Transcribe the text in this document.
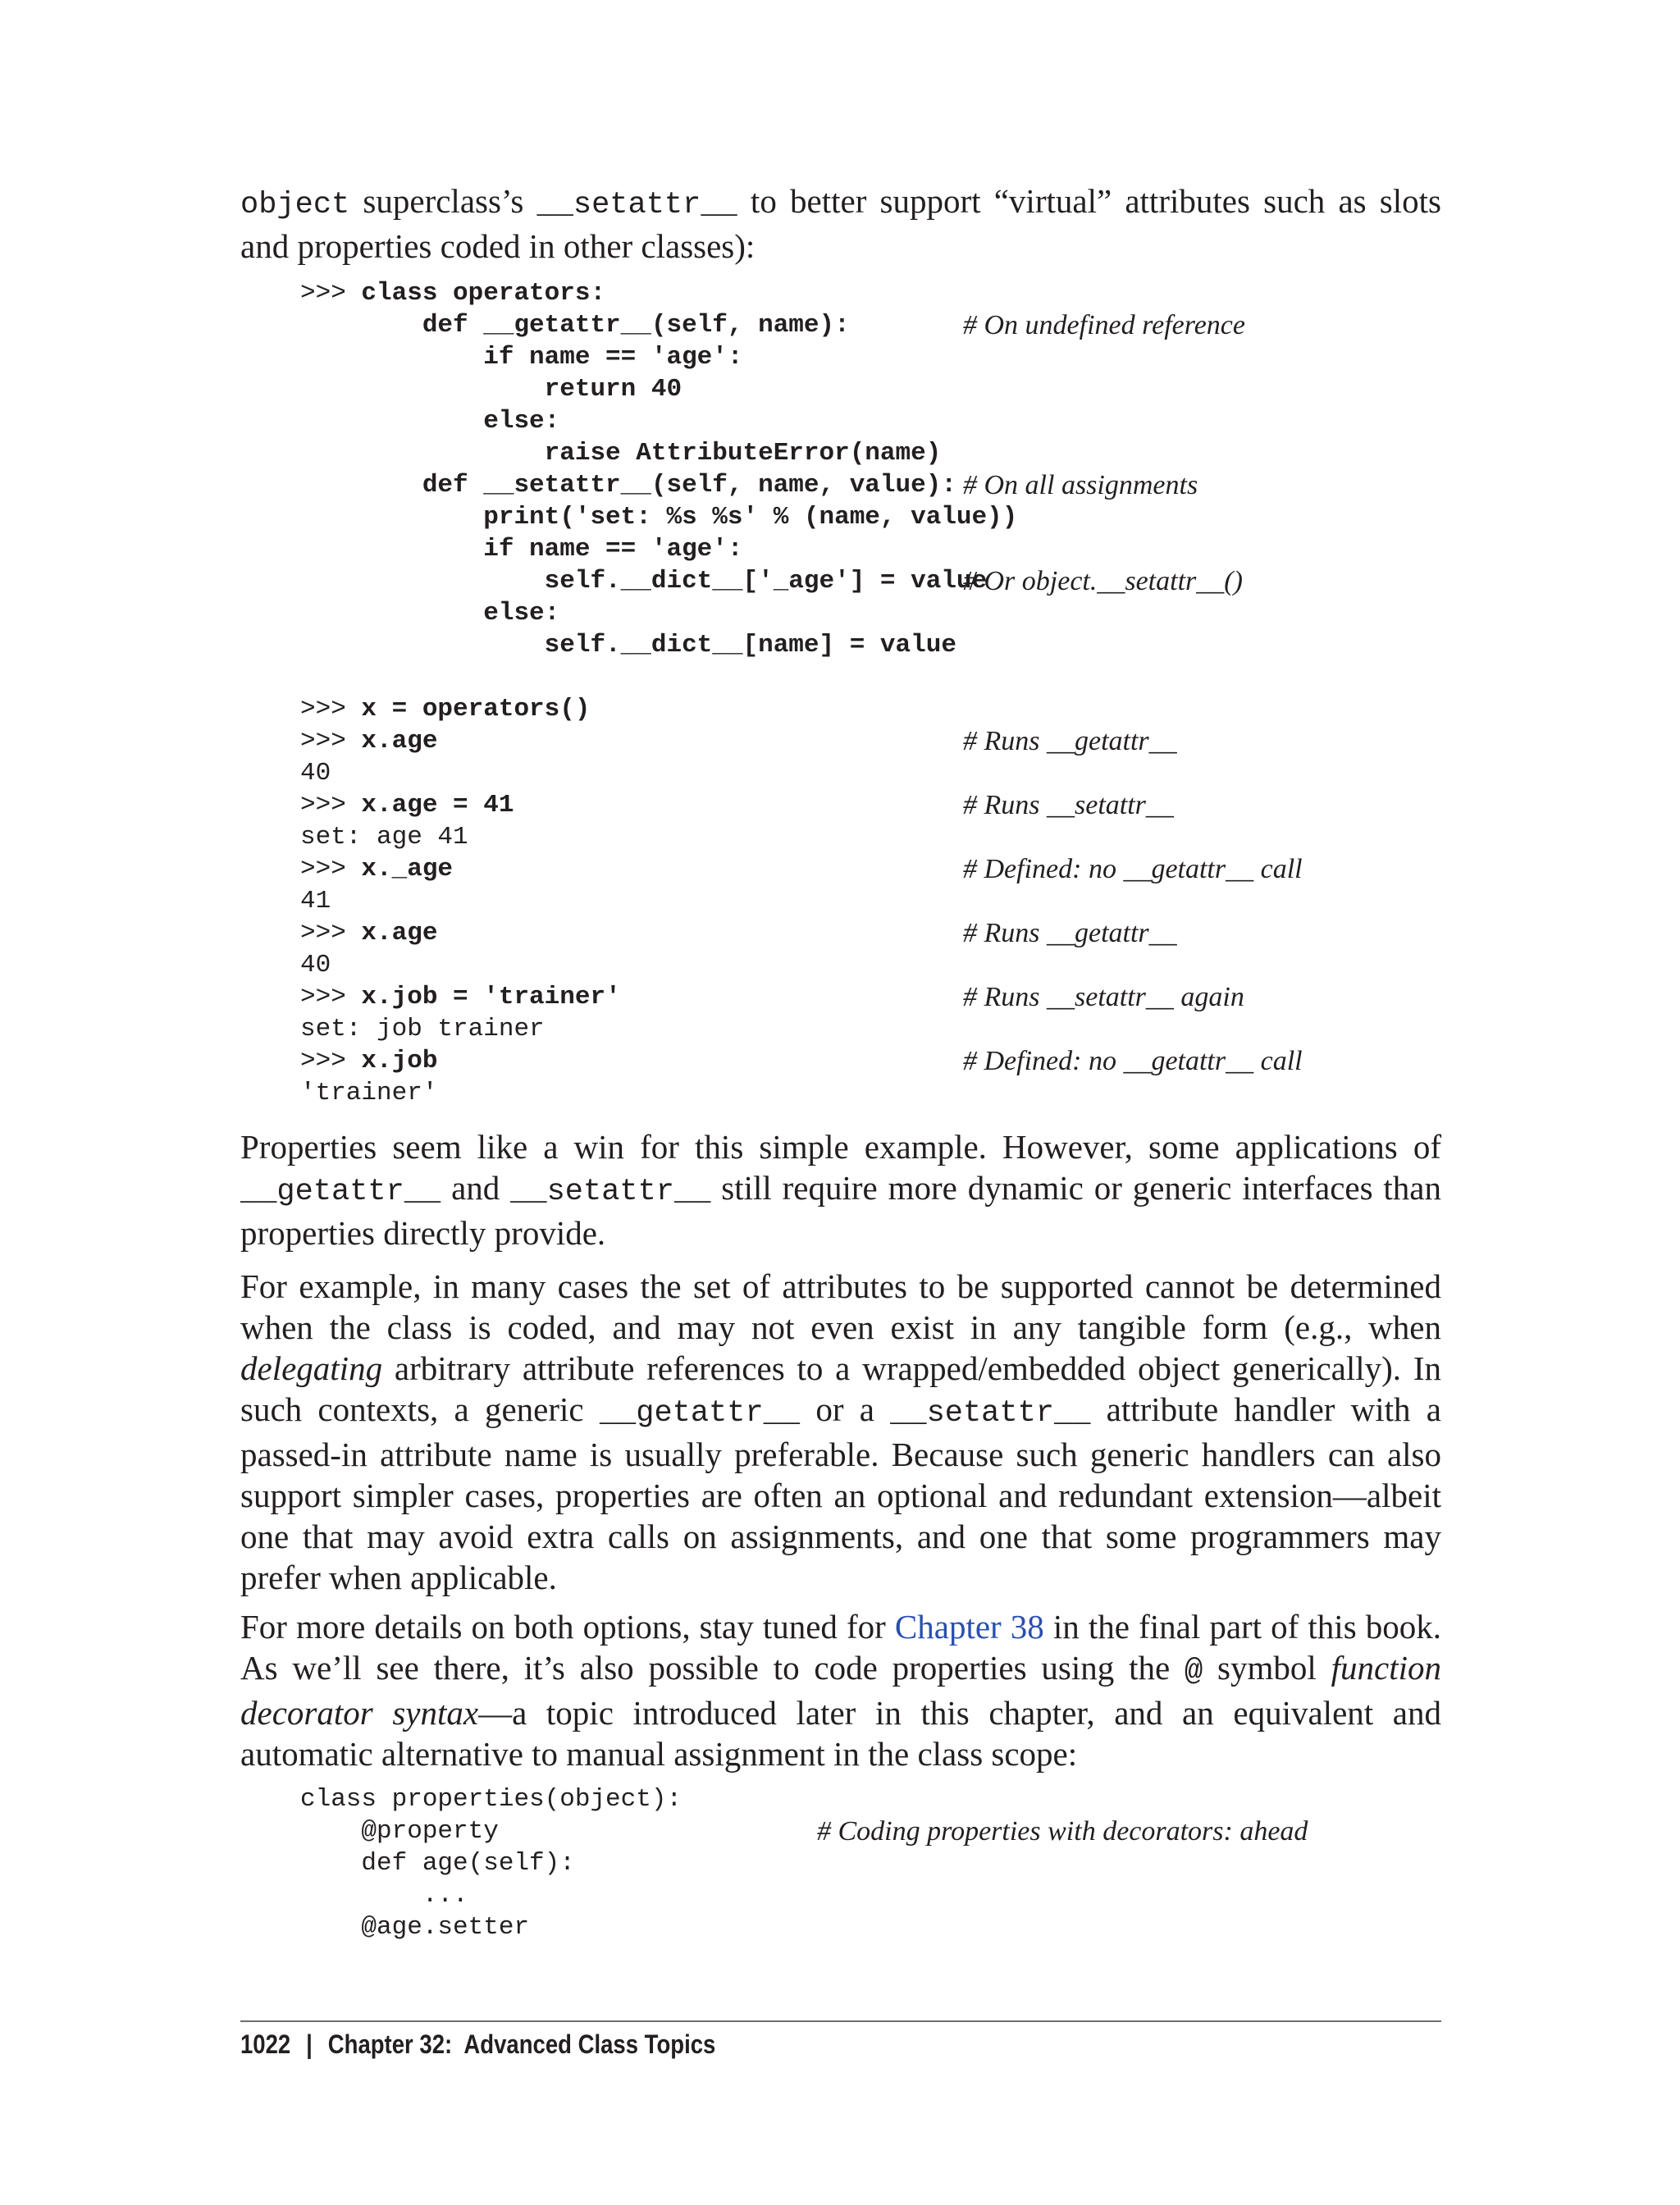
object superclass’s __setattr__ to better support “virtual” attributes such as slots and properties coded in other classes):

>>> class operators:
def __getattr__(self, name):	# On undefined reference
if name == 'age':
return 40
else:
raise AttributeError(name)
def __setattr__(self, name, value): # On all assignments
print('set: %s %s' % (name, value))
if name == 'age':
self.__dict__['_age'] = value
# Or object.__setattr__()
else:
self.__dict__[name] = value
>>> x = operators()
>>> x.age	# Runs __getattr__
40
>>> x.age = 41	# Runs __setattr__
set: age 41
>>> x._age	# Defined: no __getattr__ call
41
>>> x.age	# Runs __getattr__
40
>>> x.job = 'trainer'	# Runs __setattr__ again
set: job trainer
>>> x.job	# Defined: no __getattr__ call
'trainer'

Properties seem like a win for this simple example. However, some applications of __getattr__ and __setattr__ still require more dynamic or generic interfaces than properties directly provide.

For example, in many cases the set of attributes to be supported cannot be determined when the class is coded, and may not even exist in any tangible form (e.g., when delegating arbitrary attribute references to a wrapped/embedded object generically). In such contexts, a generic __getattr__ or a __setattr__ attribute handler with a passed-in attribute name is usually preferable. Because such generic handlers can also support simpler cases, properties are often an optional and redundant extension—albeit one that may avoid extra calls on assignments, and one that some programmers may prefer when applicable.

For more details on both options, stay tuned for Chapter 38 in the final part of this book. As we’ll see there, it’s also possible to code properties using the @ symbol function decorator syntax—a topic introduced later in this chapter, and an equivalent and automatic alternative to manual assignment in the class scope:

class properties(object):
@property	# Coding properties with decorators: ahead
def age(self):
...
@age.setter
1022 | Chapter 32:  Advanced Class Topics
